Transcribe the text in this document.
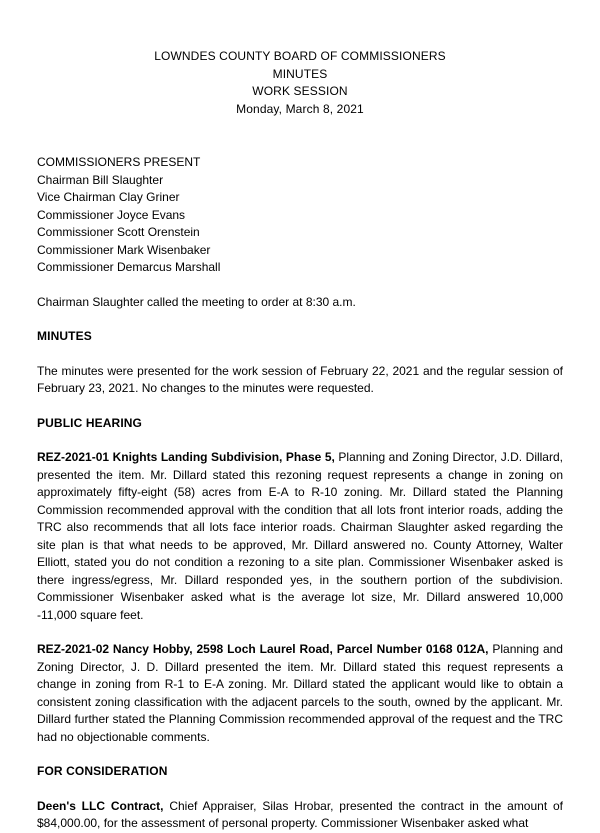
LOWNDES COUNTY BOARD OF COMMISSIONERS
MINUTES
WORK SESSION
Monday, March 8, 2021
COMMISSIONERS PRESENT
Chairman Bill Slaughter
Vice Chairman Clay Griner
Commissioner Joyce Evans
Commissioner Scott Orenstein
Commissioner Mark Wisenbaker
Commissioner Demarcus Marshall

Chairman Slaughter called the meeting to order at 8:30 a.m.

MINUTES

The minutes were presented for the work session of February 22, 2021 and the regular session of February 23, 2021. No changes to the minutes were requested.

PUBLIC HEARING

REZ-2021-01 Knights Landing Subdivision, Phase 5, Planning and Zoning Director, J.D. Dillard, presented the item. Mr. Dillard stated this rezoning request represents a change in zoning on approximately fifty-eight (58) acres from E-A to R-10 zoning. Mr. Dillard stated the Planning Commission recommended approval with the condition that all lots front interior roads, adding the TRC also recommends that all lots face interior roads. Chairman Slaughter asked regarding the site plan is that what needs to be approved, Mr. Dillard answered no. County Attorney, Walter Elliott, stated you do not condition a rezoning to a site plan. Commissioner Wisenbaker asked is there ingress/egress, Mr. Dillard responded yes, in the southern portion of the subdivision. Commissioner Wisenbaker asked what is the average lot size, Mr. Dillard answered 10,000 -11,000 square feet.

REZ-2021-02 Nancy Hobby, 2598 Loch Laurel Road, Parcel Number 0168 012A, Planning and Zoning Director, J. D. Dillard presented the item. Mr. Dillard stated this request represents a change in zoning from R-1 to E-A zoning. Mr. Dillard stated the applicant would like to obtain a consistent zoning classification with the adjacent parcels to the south, owned by the applicant. Mr. Dillard further stated the Planning Commission recommended approval of the request and the TRC had no objectionable comments.

FOR CONSIDERATION

Deen's LLC Contract, Chief Appraiser, Silas Hrobar, presented the contract in the amount of $84,000.00, for the assessment of personal property. Commissioner Wisenbaker asked what
